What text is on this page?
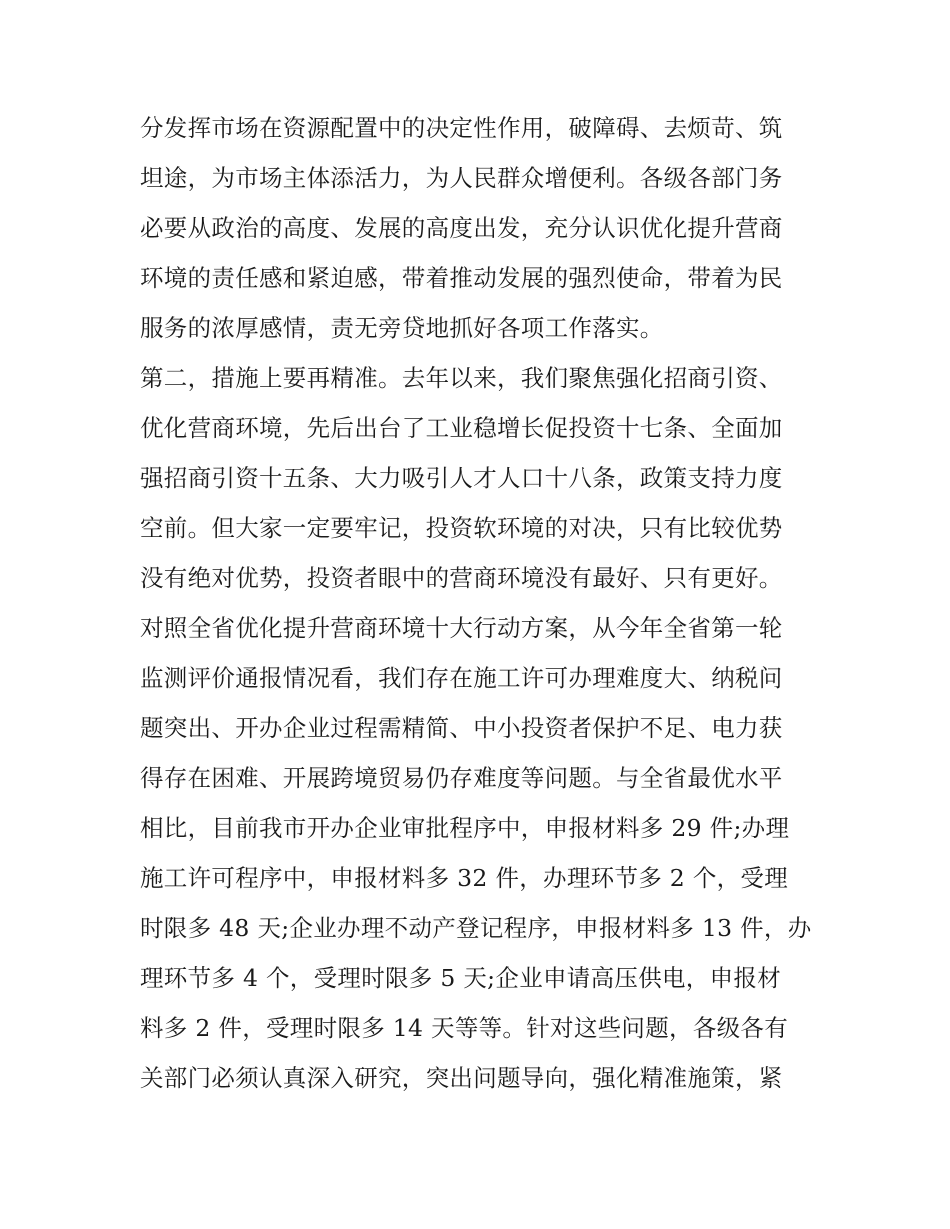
分发挥市场在资源配置中的决定性作用，破障碍、去烦苛、筑
坦途，为市场主体添活力，为人民群众增便利。各级各部门务
必要从政治的高度、发展的高度出发，充分认识优化提升营商
环境的责任感和紧迫感，带着推动发展的强烈使命，带着为民
服务的浓厚感情，责无旁贷地抓好各项工作落实。
第二，措施上要再精准。去年以来，我们聚焦强化招商引资、
优化营商环境，先后出台了工业稳增长促投资十七条、全面加
强招商引资十五条、大力吸引人才人口十八条，政策支持力度
空前。但大家一定要牢记，投资软环境的对决，只有比较优势
没有绝对优势，投资者眼中的营商环境没有最好、只有更好。
对照全省优化提升营商环境十大行动方案，从今年全省第一轮
监测评价通报情况看，我们存在施工许可办理难度大、纳税问
题突出、开办企业过程需精简、中小投资者保护不足、电力获
得存在困难、开展跨境贸易仍存难度等问题。与全省最优水平
相比，目前我市开办企业审批程序中，申报材料多 29 件;办理
施工许可程序中，申报材料多 32 件，办理环节多 2 个，受理
时限多 48 天;企业办理不动产登记程序，申报材料多 13 件，办
理环节多 4 个，受理时限多 5 天;企业申请高压供电，申报材
料多 2 件，受理时限多 14 天等等。针对这些问题，各级各有
关部门必须认真深入研究，突出问题导向，强化精准施策，紧
